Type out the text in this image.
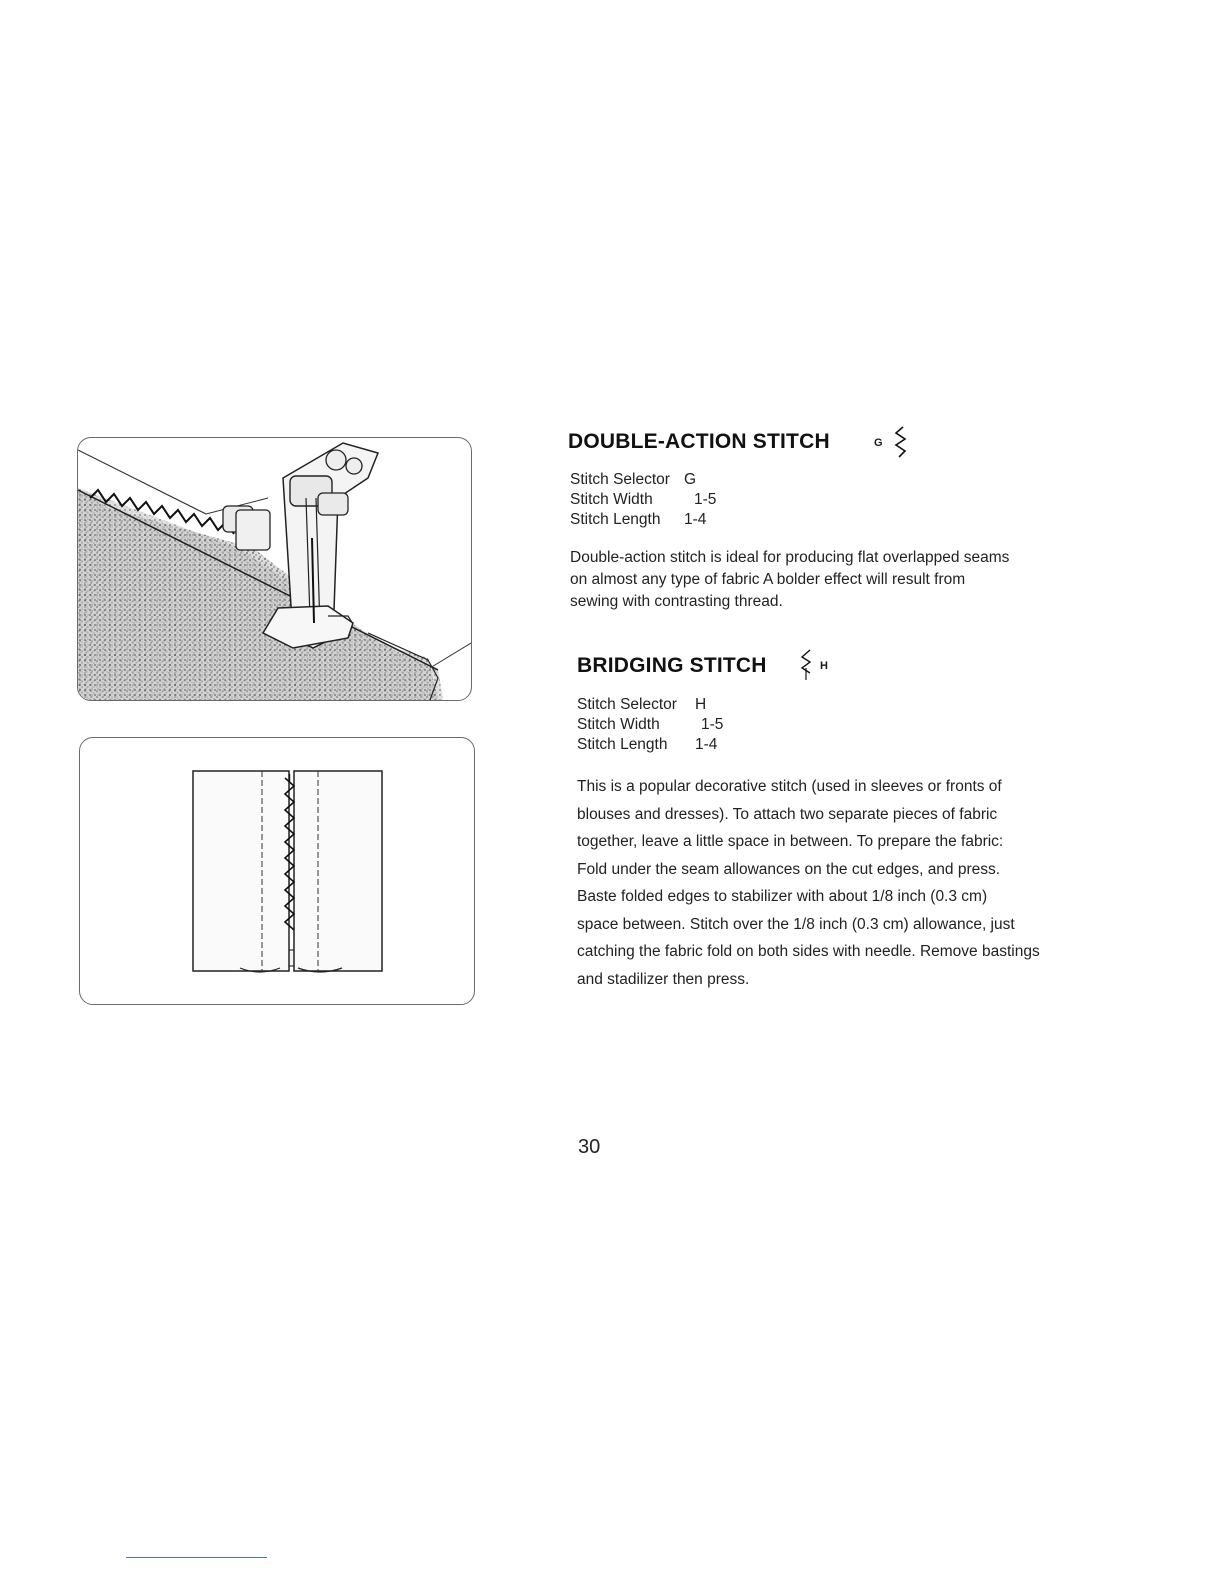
DOUBLE-ACTION STITCH	G
Stitch Selector G
Stitch Width	1-5
Stitch Length	1-4
Double-action stitch is ideal for producing flat overlapped seams
on almost any type of fabric A bolder effect will result from
sewing with contrasting thread.
BRIDGING STITCH	H
Stitch Selector	H
Stitch Width	1-5
Stitch Length	1-4
This is a popular decorative stitch (used in sleeves or fronts of
blouses and dresses). To attach two separate pieces of fabric
together, leave a little space in between. To prepare the fabric:
Fold under the seam allowances on the cut edges, and press.
Baste folded edges to stabilizer with about 1/8 inch (0.3 cm)
space between. Stitch over the 1/8 inch (0.3 cm) allowance, just
catching the fabric fold on both sides with needle. Remove bastings
and stadilizer then press.
30
